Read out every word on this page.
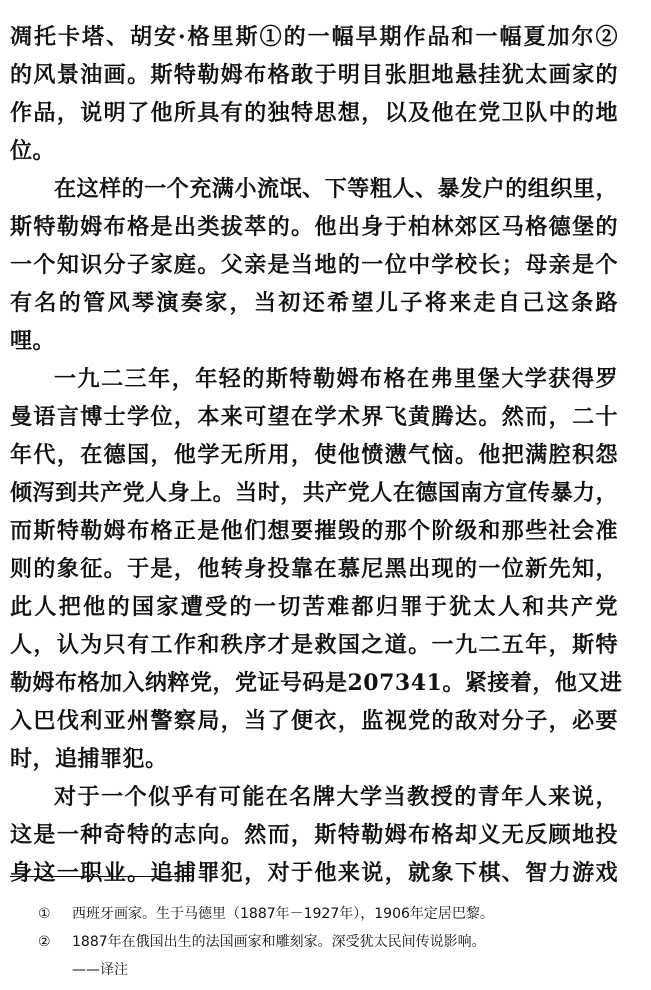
凋托卡塔、胡安·格里斯①的一幅早期作品和一幅夏加尔②
的风景油画。斯特勒姆布格敢于明目张胆地悬挂犹太画家的
作品，说明了他所具有的独特思想，以及他在党卫队中的地
位。
在这样的一个充满小流氓、下等粗人、暴发户的组织里，
斯特勒姆布格是出类拔萃的。他出身于柏林郊区马格德堡的
一个知识分子家庭。父亲是当地的一位中学校长；母亲是个
有名的管风琴演奏家，当初还希望儿子将来走自己这条路
哩。
一九二三年，年轻的斯特勒姆布格在弗里堡大学获得罗
曼语言博士学位，本来可望在学术界飞黄腾达。然而，二十
年代，在德国，他学无所用，使他愤懑气恼。他把满腔积怨
倾泻到共产党人身上。当时，共产党人在德国南方宣传暴力，
而斯特勒姆布格正是他们想要摧毁的那个阶级和那些社会准
则的象征。于是，他转身投靠在慕尼黑出现的一位新先知，
此人把他的国家遭受的一切苦难都归罪于犹太人和共产党
人，认为只有工作和秩序才是救国之道。一九二五年，斯特
勒姆布格加入纳粹党，党证号码是207341。紧接着，他又进
入巴伐利亚州警察局，当了便衣，监视党的敌对分子，必要
时，追捕罪犯。
对于一个似乎有可能在名牌大学当教授的青年人来说，
这是一种奇特的志向。然而，斯特勒姆布格却义无反顾地投
身这一职业。追捕罪犯，对于他来说，就象下棋、智力游戏
① 西班牙画家。生于马德里（1887年－1927年），1906年定居巴黎。
② 1887年在俄国出生的法国画家和雕刻家。深受犹太民间传说影响。
——译注
